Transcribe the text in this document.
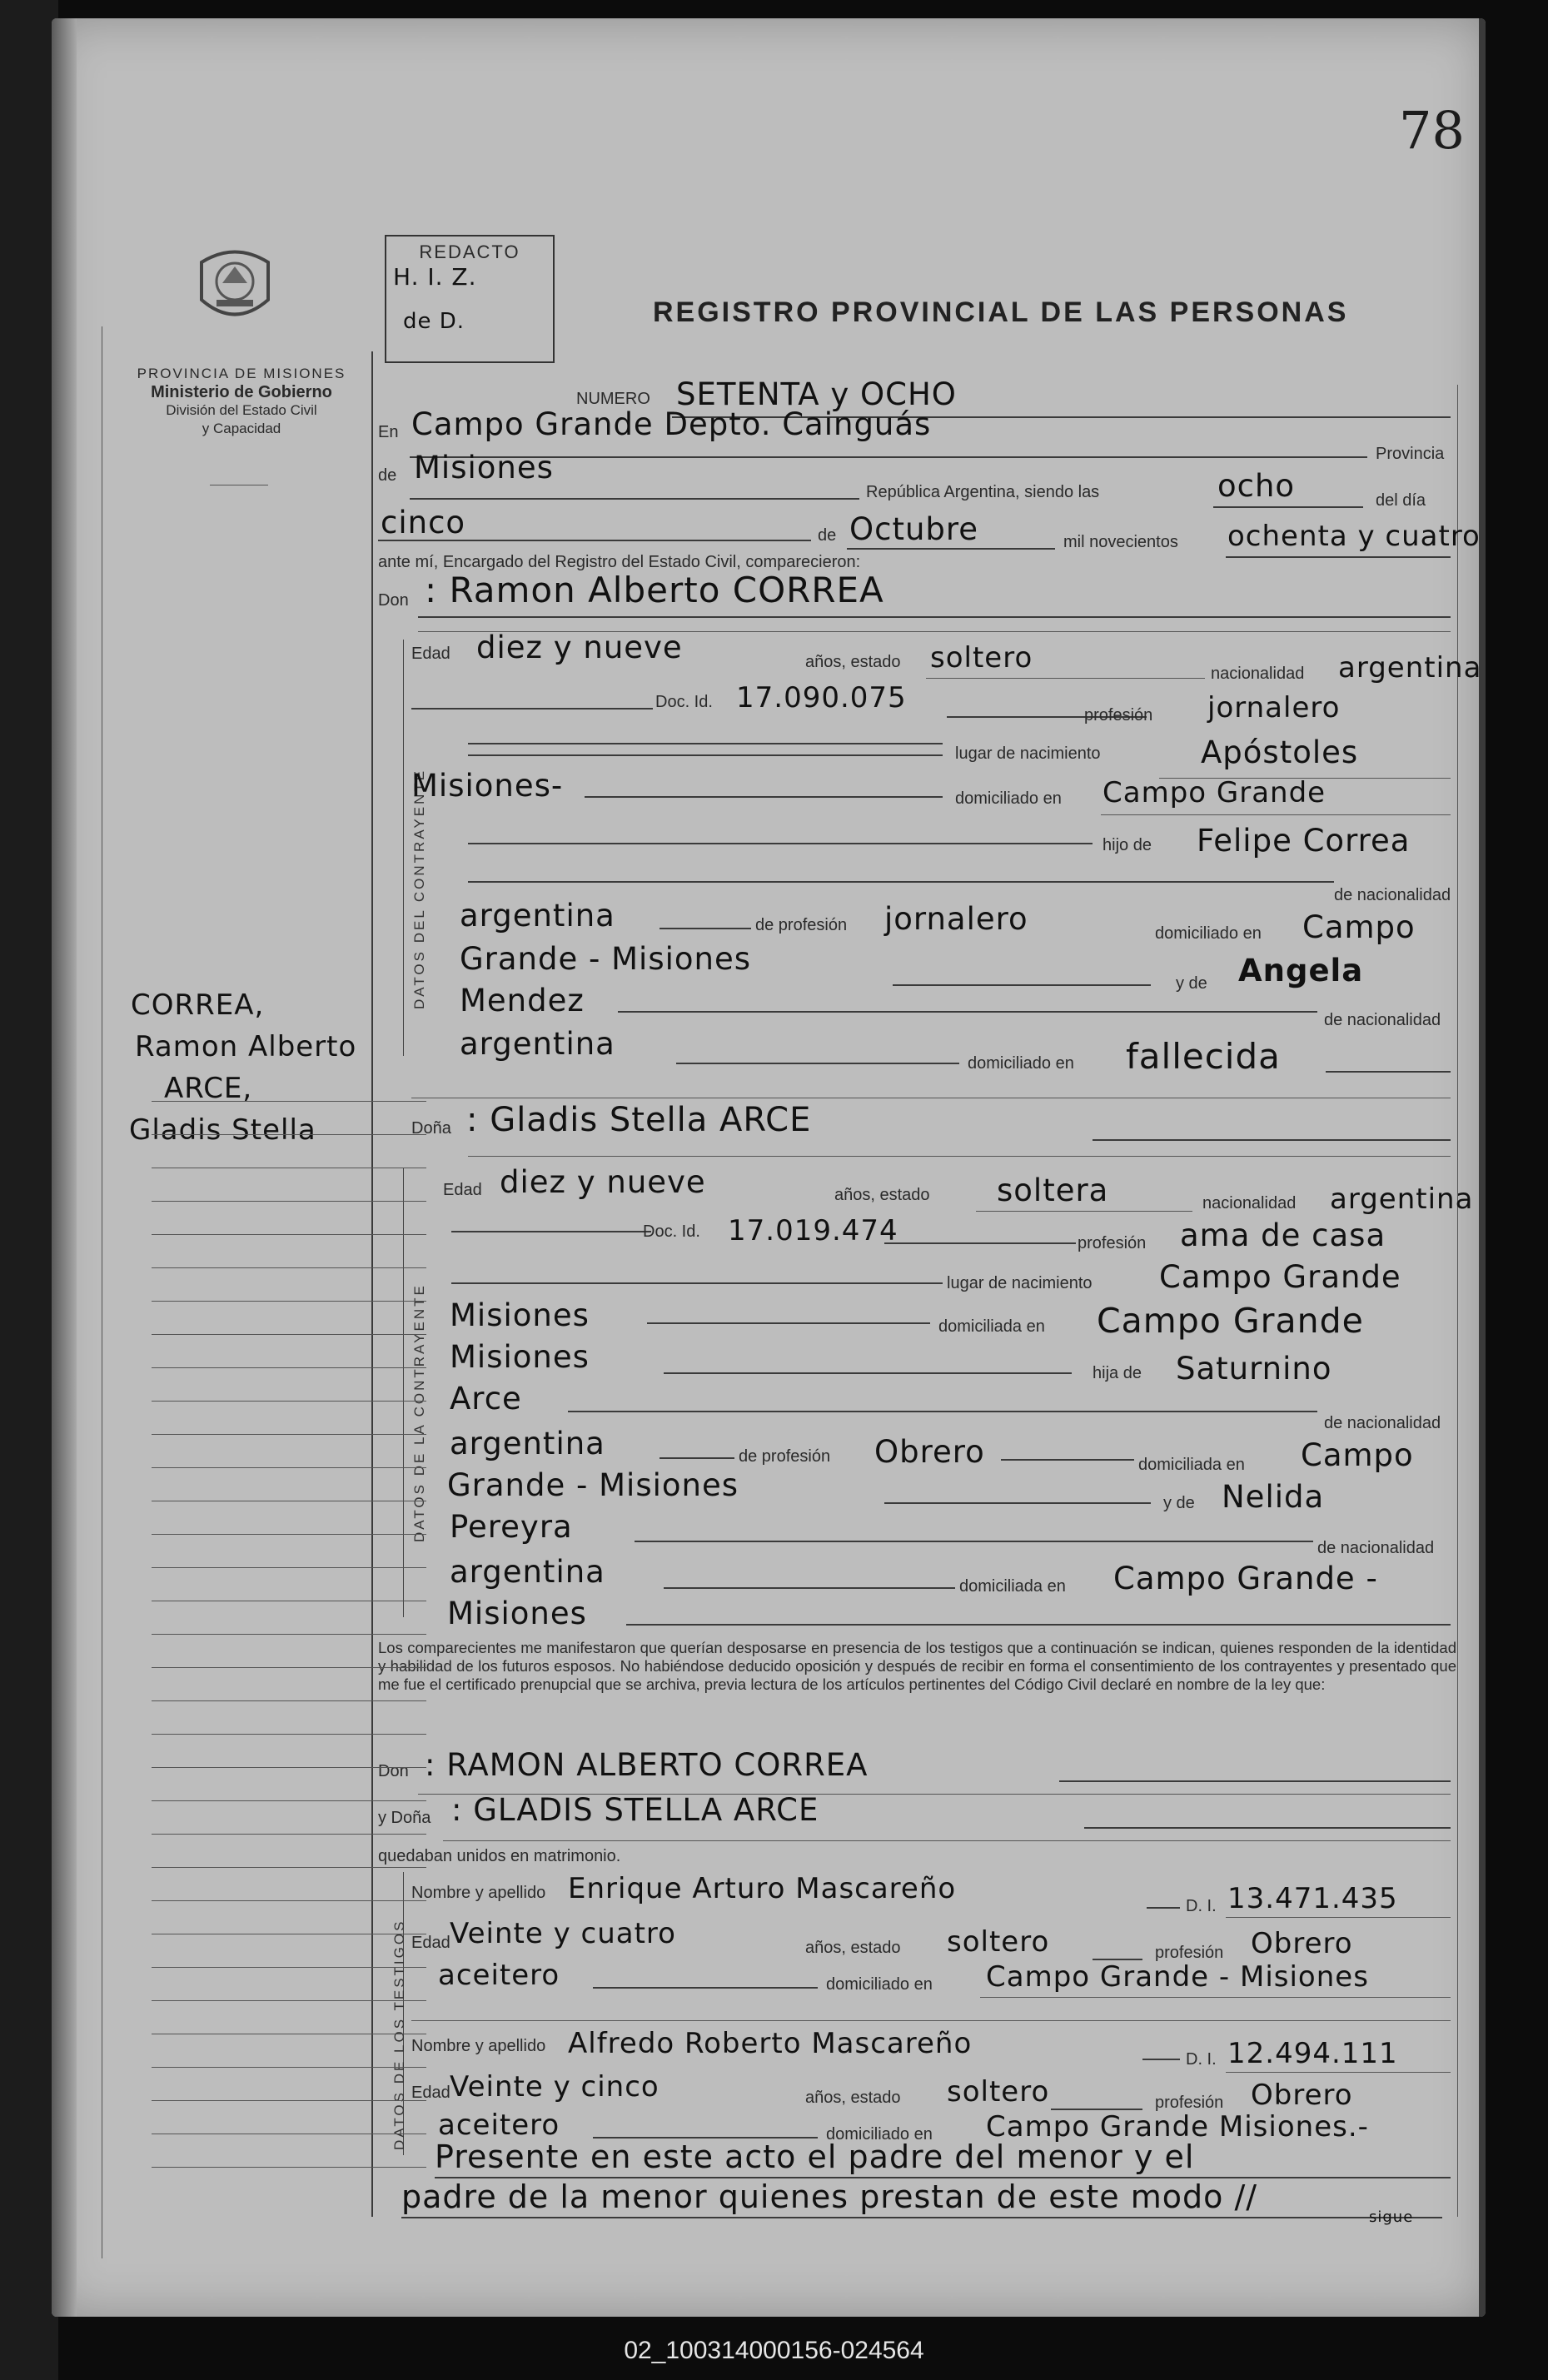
78
PROVINCIA DE MISIONES
Ministerio de Gobierno
División del Estado Civil
y Capacidad
CORREA,
Ramon Alberto
ARCE,
Gladis Stella
REDACTO
H. I. Z.
de D.	REGISTRO PROVINCIAL DE LAS PERSONAS
NUMERO SETENTA y OCHO
En Campo Grande Depto. Cainguás
Provincia
de Misiones
República Argentina, siendo las	ocho	del día
cinco	de Octubre	mil novecientos ochenta y cuatro
ante mí, Encargado del Registro del Estado Civil, comparecieron:
Don : Ramon Alberto CORREA
DATOS DEL CONTRAYENTE
Edad diez y nueve	años, estado soltero	nacionalidad argentina
Doc. Id. 17.090.075
profesión jornalero
lugar de nacimiento	Apóstoles
Misiones-	domiciliado en Campo Grande
hijo de Felipe Correa
de nacionalidad
argentina	de profesión jornalero	domiciliado en Campo
Grande - Misiones
y de Angela
Mendez
de nacionalidad
argentina
domiciliado en fallecida
Doña : Gladis Stella ARCE
DATOS DE LA CONTRAYENTE
Edad diez y nueve	años, estado soltera	nacionalidad argentina
Doc. Id. 17.019.474	profesión ama de casa
lugar de nacimiento Campo Grande
Misiones	domiciliada en Campo Grande
Misiones	hija de Saturnino
Arce
de nacionalidad
argentina	de profesión Obrero	domiciliada en Campo
Grande - Misiones	y de Nelida
Pereyra
de nacionalidad
argentina	domiciliada en Campo Grande -
Misiones
Los comparecientes me manifestaron que querían desposarse en presencia de los testigos que a continuación se indican, quienes responden de la identidad y habilidad de los futuros esposos. No habiéndose deducido oposición y después de recibir en forma el consentimiento de los contrayentes y presentado que me fue el certificado prenupcial que se archiva, previa lectura de los artículos pertinentes del Código Civil declaré en nombre de la ley que:
Don : RAMON ALBERTO CORREA
y Doña : GLADIS STELLA ARCE
quedaban unidos en matrimonio.
DATOS DE LOS TESTIGOS
Nombre y apellido Enrique Arturo Mascareño
D. I. 13.471.435
Edad Veinte y cuatro	años, estado soltero	profesión Obrero
aceitero	domiciliado en Campo Grande - Misiones
Nombre y apellido Alfredo Roberto Mascareño	D. I. 12.494.111
Edad Veinte y cinco	años, estado soltero	profesión Obrero
aceitero	domiciliado en Campo Grande Misiones.-
Presente en este acto el padre del menor y el
padre de la menor quienes prestan de este modo //
sigue
02_100314000156-024564
